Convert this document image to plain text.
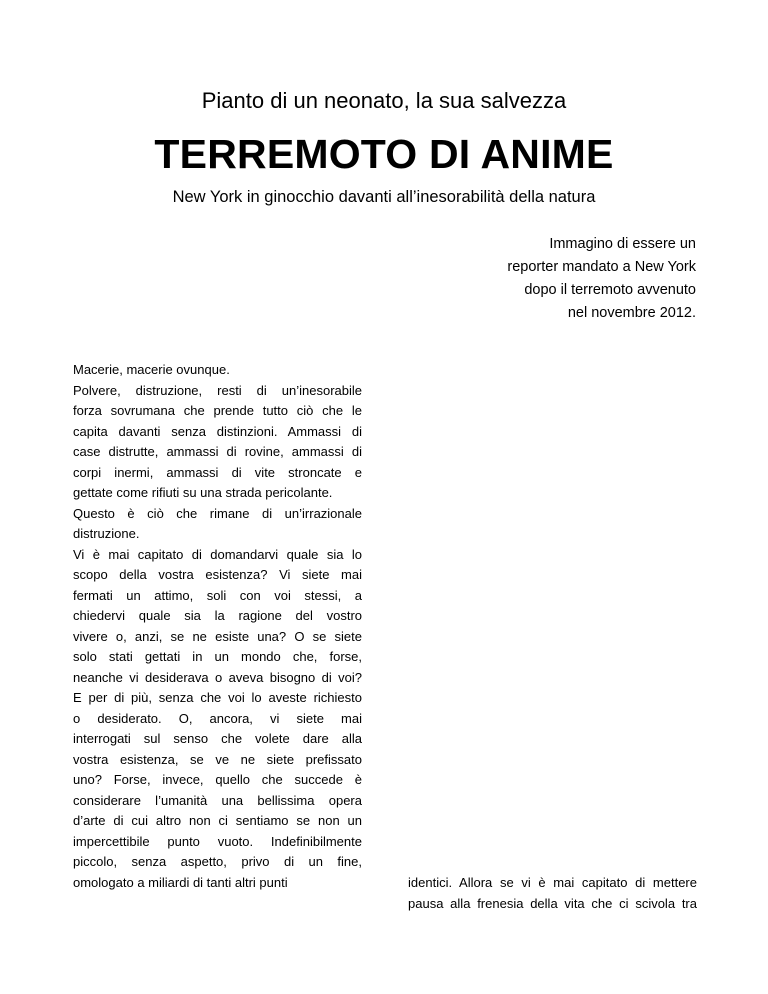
Pianto di un neonato, la sua salvezza
TERREMOTO DI ANIME
New York in ginocchio davanti all’inesorabilità della natura
Immagino di essere un
reporter mandato a New York
dopo il terremoto avvenuto
nel novembre 2012.
Macerie, macerie ovunque.
Polvere, distruzione, resti di un’inesorabile
forza sovrumana che prende tutto ciò che le
capita davanti senza distinzioni. Ammassi di
case distrutte, ammassi di rovine, ammassi di
corpi inermi, ammassi di vite stroncate e
gettate come rifiuti su una strada pericolante.
Questo è ciò che rimane di un’irrazionale
distruzione.
Vi è mai capitato di domandarvi quale sia lo
scopo della vostra esistenza? Vi siete mai
fermati un attimo, soli con voi stessi, a
chiedervi quale sia la ragione del vostro
vivere o, anzi, se ne esiste una? O se siete
solo stati gettati in un mondo che, forse,
neanche vi desiderava o aveva bisogno di voi?
E per di più, senza che voi lo aveste richiesto
o desiderato. O, ancora, vi siete mai
interrogati sul senso che volete dare alla
vostra esistenza, se ve ne siete prefissato
uno? Forse, invece, quello che succede è
considerare l’umanità una bellissima opera
d’arte di cui altro non ci sentiamo se non un
impercettibile punto vuoto. Indefinibilmente
piccolo, senza aspetto, privo di un fine,
omologato a miliardi di tanti altri punti	identici. Allora se vi è mai capitato di mettere
pausa alla frenesia della vita che ci scivola tra
